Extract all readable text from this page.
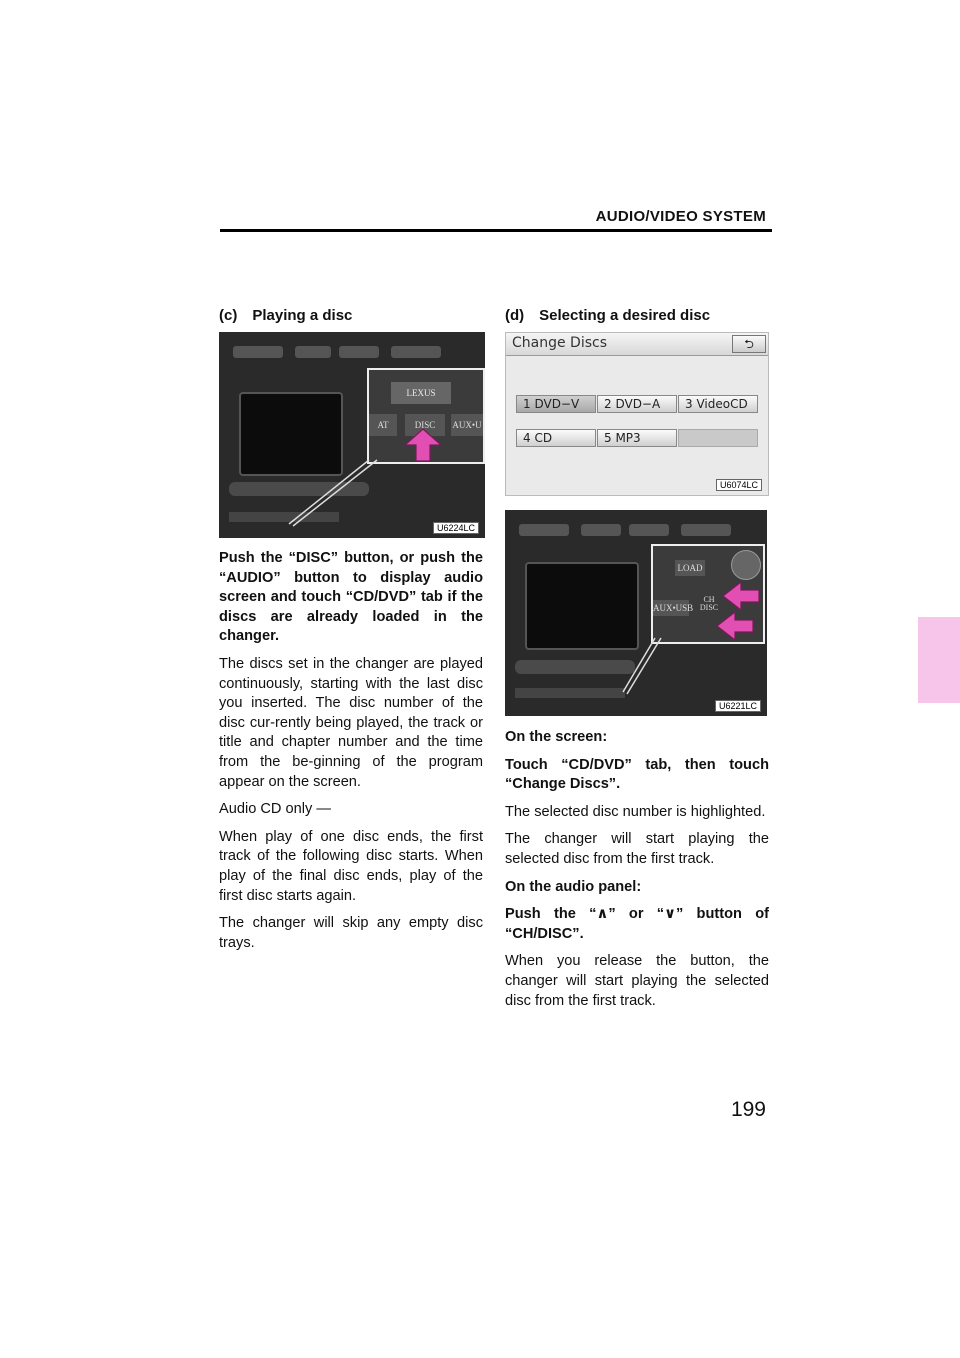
AUDIO/VIDEO SYSTEM
(c) Playing a disc
LEXUS
AT	DISC	AUX•U
U6224LC

Push the “DISC” button, or push the “AUDIO” button to display audio screen and touch “CD/DVD” tab if the discs are already loaded in the changer.

The discs set in the changer are played continuously, starting with the last disc you inserted. The disc number of the disc cur-rently being played, the track or title and chapter number and the time from the be-ginning of the program appear on the screen.

Audio CD only —

When play of one disc ends, the first track of the following disc starts. When play of the final disc ends, play of the first disc starts again.

The changer will skip any empty disc trays.

(d) Selecting a desired disc
Change Discs	⮌
1 DVD−V	2 DVD−A	3 VideoCD
4 CD	5 MP3
U6074LC
LOAD
AUX•USB
CH
DISC
U6221LC

On the screen:

Touch “CD/DVD” tab, then touch “Change Discs”.

The selected disc number is highlighted.

The changer will start playing the selected disc from the first track.

On the audio panel:

Push the “∧” or “∨” button of “CH/DISC”.

When you release the button, the changer will start playing the selected disc from the first track.

199
